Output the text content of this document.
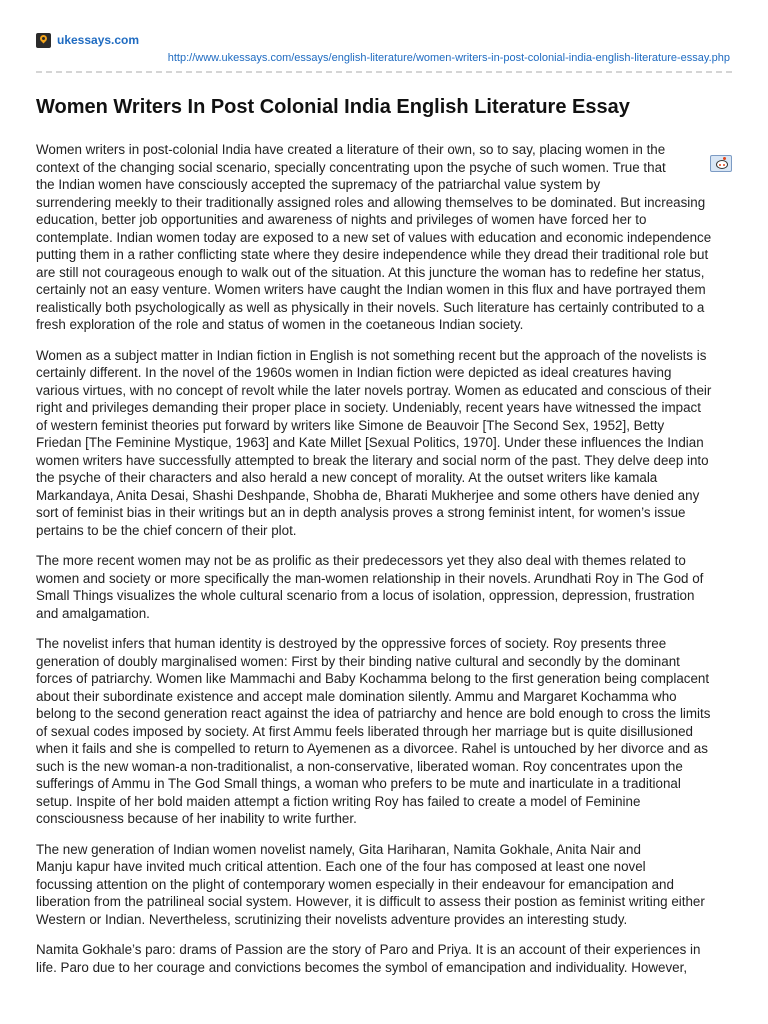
ukessays.com
http://www.ukessays.com/essays/english-literature/women-writers-in-post-colonial-india-english-literature-essay.php
Women Writers In Post Colonial India English Literature Essay

Women writers in post-colonial India have created a literature of their own, so to say, placing women in the
context of the changing social scenario, specially concentrating upon the psyche of such women. True that
the Indian women have consciously accepted the supremacy of the patriarchal value system by
surrendering meekly to their traditionally assigned roles and allowing themselves to be dominated. But increasing
education, better job opportunities and awareness of nights and privileges of women have forced her to
contemplate. Indian women today are exposed to a new set of values with education and economic independence
putting them in a rather conflicting state where they desire independence while they dread their traditional role but
are still not courageous enough to walk out of the situation. At this juncture the woman has to redefine her status,
certainly not an easy venture. Women writers have caught the Indian women in this flux and have portrayed them
realistically both psychologically as well as physically in their novels. Such literature has certainly contributed to a
fresh exploration of the role and status of women in the coetaneous Indian society.

Women as a subject matter in Indian fiction in English is not something recent but the approach of the novelists is
certainly different. In the novel of the 1960s women in Indian fiction were depicted as ideal creatures having
various virtues, with no concept of revolt while the later novels portray. Women as educated and conscious of their
right and privileges demanding their proper place in society. Undeniably, recent years have witnessed the impact
of western feminist theories put forward by writers like Simone de Beauvoir [The Second Sex, 1952], Betty
Friedan [The Feminine Mystique, 1963] and Kate Millet [Sexual Politics, 1970]. Under these influences the Indian
women writers have successfully attempted to break the literary and social norm of the past. They delve deep into
the psyche of their characters and also herald a new concept of morality. At the outset writers like kamala
Markandaya, Anita Desai, Shashi Deshpande, Shobha de, Bharati Mukherjee and some others have denied any
sort of feminist bias in their writings but an in depth analysis proves a strong feminist intent, for women’s issue
pertains to be the chief concern of their plot.

The more recent women may not be as prolific as their predecessors yet they also deal with themes related to
women and society or more specifically the man-women relationship in their novels. Arundhati Roy in The God of
Small Things visualizes the whole cultural scenario from a locus of isolation, oppression, depression, frustration
and amalgamation.

The novelist infers that human identity is destroyed by the oppressive forces of society. Roy presents three
generation of doubly marginalised women: First by their binding native cultural and secondly by the dominant
forces of patriarchy. Women like Mammachi and Baby Kochamma belong to the first generation being complacent
about their subordinate existence and accept male domination silently. Ammu and Margaret Kochamma who
belong to the second generation react against the idea of patriarchy and hence are bold enough to cross the limits
of sexual codes imposed by society. At first Ammu feels liberated through her marriage but is quite disillusioned
when it fails and she is compelled to return to Ayemenen as a divorcee. Rahel is untouched by her divorce and as
such is the new woman-a non-traditionalist, a non-conservative, liberated woman. Roy concentrates upon the
sufferings of Ammu in The God Small things, a woman who prefers to be mute and inarticulate in a traditional
setup. Inspite of her bold maiden attempt a fiction writing Roy has failed to create a model of Feminine
consciousness because of her inability to write further.

The new generation of Indian women novelist namely, Gita Hariharan, Namita Gokhale, Anita Nair and
Manju kapur have invited much critical attention. Each one of the four has composed at least one novel
focussing attention on the plight of contemporary women especially in their endeavour for emancipation and
liberation from the patrilineal social system. However, it is difficult to assess their postion as feminist writing either
Western or Indian. Nevertheless, scrutinizing their novelists adventure provides an interesting study.

Namita Gokhale’s paro: drams of Passion are the story of Paro and Priya. It is an account of their experiences in
life. Paro due to her courage and convictions becomes the symbol of emancipation and individuality. However,
